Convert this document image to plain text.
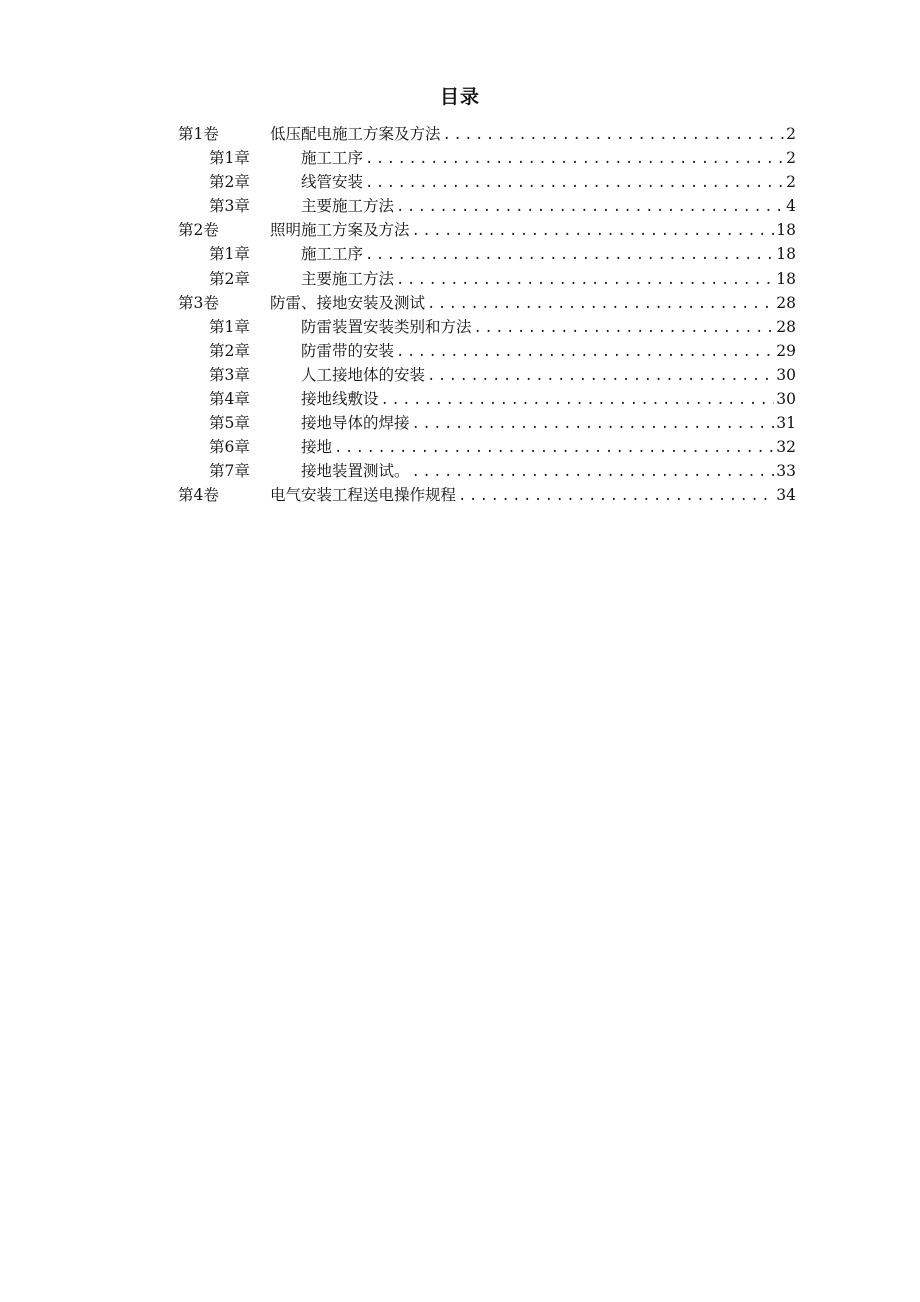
目录
第1卷	低压配电施工方案及方法 .....	2
第1章	施工工序 .....	2
第2章	线管安装 .....	2
第3章	主要施工方法 .....	4
第2卷	照明施工方案及方法 .....	18
第1章	施工工序 .....	18
第2章	主要施工方法 .....	18
第3卷	防雷、接地安装及测试 .....	28
第1章	防雷装置安装类别和方法 .....	28
第2章	防雷带的安装 .....	29
第3章	人工接地体的安装 .....	30
第4章	接地线敷设 .....	30
第5章	接地导体的焊接 .....	31
第6章	接地 .....	32
第7章	接地装置测试。 .....	33
第4卷	电气安装工程送电操作规程 .....	34
